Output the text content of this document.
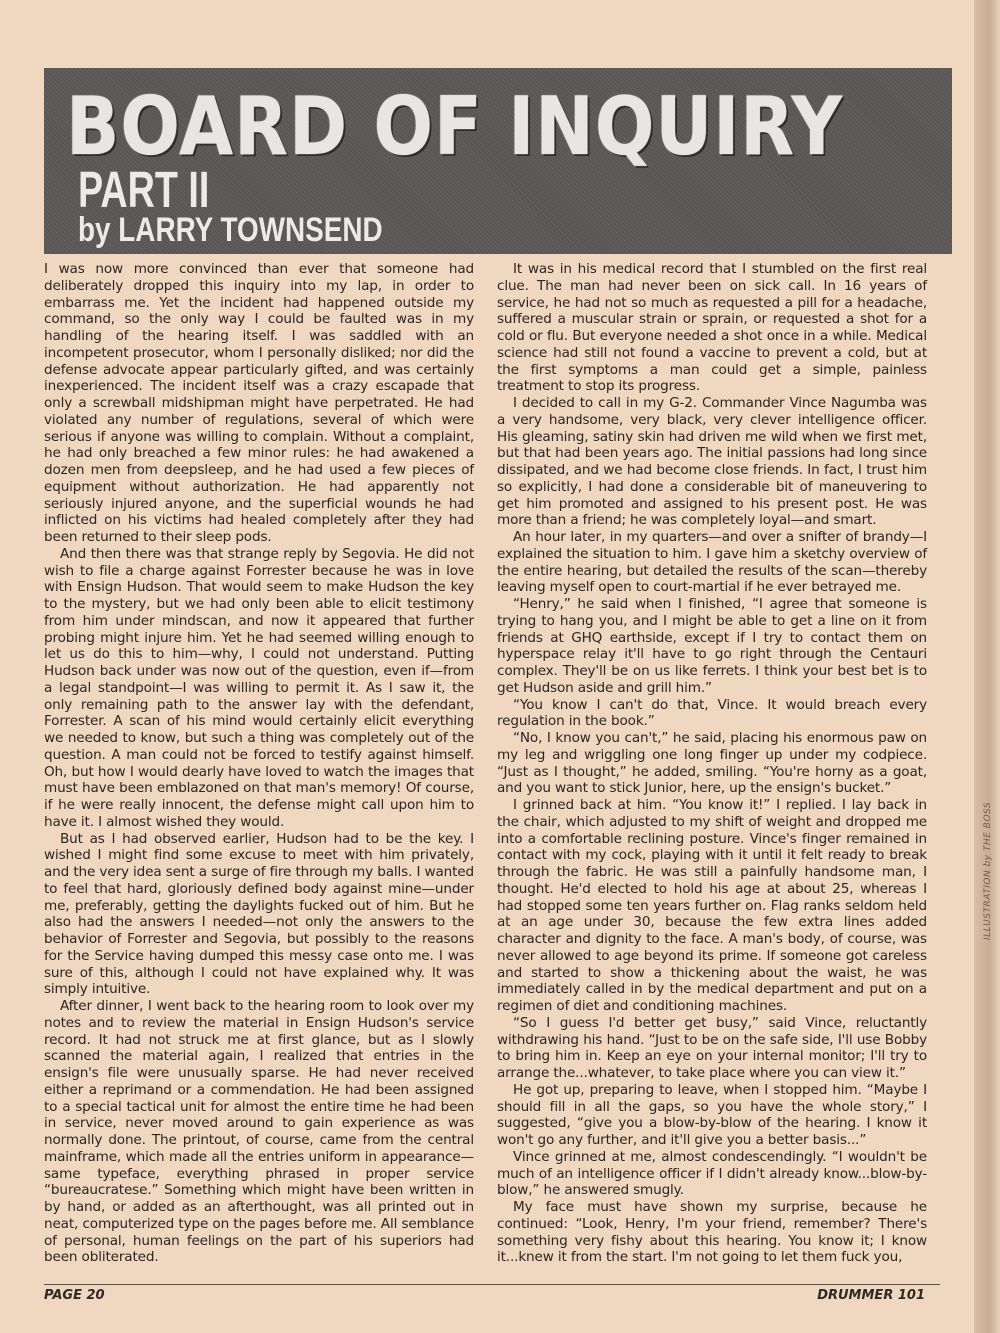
BOARD OF INQUIRY
PART II
by LARRY TOWNSEND

I was now more convinced than ever that someone had deliberately dropped this inquiry into my lap, in order to embarrass me. Yet the incident had happened outside my command, so the only way I could be faulted was in my handling of the hearing itself. I was saddled with an incompetent prosecutor, whom I personally disliked; nor did the defense advocate appear particularly gifted, and was certainly inexperienced. The incident itself was a crazy escapade that only a screwball midshipman might have perpetrated. He had violated any number of regulations, several of which were serious if anyone was willing to complain. Without a complaint, he had only breached a few minor rules: he had awakened a dozen men from deepsleep, and he had used a few pieces of equipment without authorization. He had apparently not seriously injured anyone, and the superficial wounds he had inflicted on his victims had healed completely after they had been returned to their sleep pods.

And then there was that strange reply by Segovia. He did not wish to file a charge against Forrester because he was in love with Ensign Hudson. That would seem to make Hudson the key to the mystery, but we had only been able to elicit testimony from him under mindscan, and now it appeared that further probing might injure him. Yet he had seemed willing enough to let us do this to him—why, I could not understand. Putting Hudson back under was now out of the question, even if—from a legal standpoint—I was willing to permit it. As I saw it, the only remaining path to the answer lay with the defendant, Forrester. A scan of his mind would certainly elicit everything we needed to know, but such a thing was completely out of the question. A man could not be forced to testify against himself. Oh, but how I would dearly have loved to watch the images that must have been emblazoned on that man's memory! Of course, if he were really innocent, the defense might call upon him to have it. I almost wished they would.

But as I had observed earlier, Hudson had to be the key. I wished I might find some excuse to meet with him privately, and the very idea sent a surge of fire through my balls. I wanted to feel that hard, gloriously defined body against mine—under me, preferably, getting the daylights fucked out of him. But he also had the answers I needed—not only the answers to the behavior of Forrester and Segovia, but possibly to the reasons for the Service having dumped this messy case onto me. I was sure of this, although I could not have explained why. It was simply intuitive.

After dinner, I went back to the hearing room to look over my notes and to review the material in Ensign Hudson's service record. It had not struck me at first glance, but as I slowly scanned the material again, I realized that entries in the ensign's file were unusually sparse. He had never received either a reprimand or a commendation. He had been assigned to a special tactical unit for almost the entire time he had been in service, never moved around to gain experience as was normally done. The printout, of course, came from the central mainframe, which made all the entries uniform in appearance—same typeface, everything phrased in proper service “bureaucratese.” Something which might have been written in by hand, or added as an afterthought, was all printed out in neat, computerized type on the pages before me. All semblance of personal, human feelings on the part of his superiors had been obliterated.

It was in his medical record that I stumbled on the first real clue. The man had never been on sick call. In 16 years of service, he had not so much as requested a pill for a headache, suffered a muscular strain or sprain, or requested a shot for a cold or flu. But everyone needed a shot once in a while. Medical science had still not found a vaccine to prevent a cold, but at the first symptoms a man could get a simple, painless treatment to stop its progress.

I decided to call in my G-2. Commander Vince Nagumba was a very handsome, very black, very clever intelligence officer. His gleaming, satiny skin had driven me wild when we first met, but that had been years ago. The initial passions had long since dissipated, and we had become close friends. In fact, I trust him so explicitly, I had done a considerable bit of maneuvering to get him promoted and assigned to his present post. He was more than a friend; he was completely loyal—and smart.

An hour later, in my quarters—and over a snifter of brandy—I explained the situation to him. I gave him a sketchy overview of the entire hearing, but detailed the results of the scan—thereby leaving myself open to court-martial if he ever betrayed me.

“Henry,” he said when I finished, “I agree that someone is trying to hang you, and I might be able to get a line on it from friends at GHQ earthside, except if I try to contact them on hyperspace relay it'll have to go right through the Centauri complex. They'll be on us like ferrets. I think your best bet is to get Hudson aside and grill him.”

“You know I can't do that, Vince. It would breach every regulation in the book.”

“No, I know you can't,” he said, placing his enormous paw on my leg and wriggling one long finger up under my codpiece. “Just as I thought,” he added, smiling. “You're horny as a goat, and you want to stick Junior, here, up the ensign's bucket.”

I grinned back at him. “You know it!” I replied. I lay back in the chair, which adjusted to my shift of weight and dropped me into a comfortable reclining posture. Vince's finger remained in contact with my cock, playing with it until it felt ready to break through the fabric. He was still a painfully handsome man, I thought. He'd elected to hold his age at about 25, whereas I had stopped some ten years further on. Flag ranks seldom held at an age under 30, because the few extra lines added character and dignity to the face. A man's body, of course, was never allowed to age beyond its prime. If someone got careless and started to show a thickening about the waist, he was immediately called in by the medical department and put on a regimen of diet and conditioning machines.

“So I guess I'd better get busy,” said Vince, reluctantly withdrawing his hand. “Just to be on the safe side, I'll use Bobby to bring him in. Keep an eye on your internal monitor; I'll try to arrange the...whatever, to take place where you can view it.”

He got up, preparing to leave, when I stopped him. “Maybe I should fill in all the gaps, so you have the whole story,” I suggested, “give you a blow-by-blow of the hearing. I know it won't go any further, and it'll give you a better basis...”

Vince grinned at me, almost condescendingly. “I wouldn't be much of an intelligence officer if I didn't already know...blow-by-blow,” he answered smugly.

My face must have shown my surprise, because he continued: “Look, Henry, I'm your friend, remember? There's something very fishy about this hearing. You know it; I know it...knew it from the start. I'm not going to let them fuck you,

ILLUSTRATION by THE BOSS
PAGE 20	DRUMMER 101
